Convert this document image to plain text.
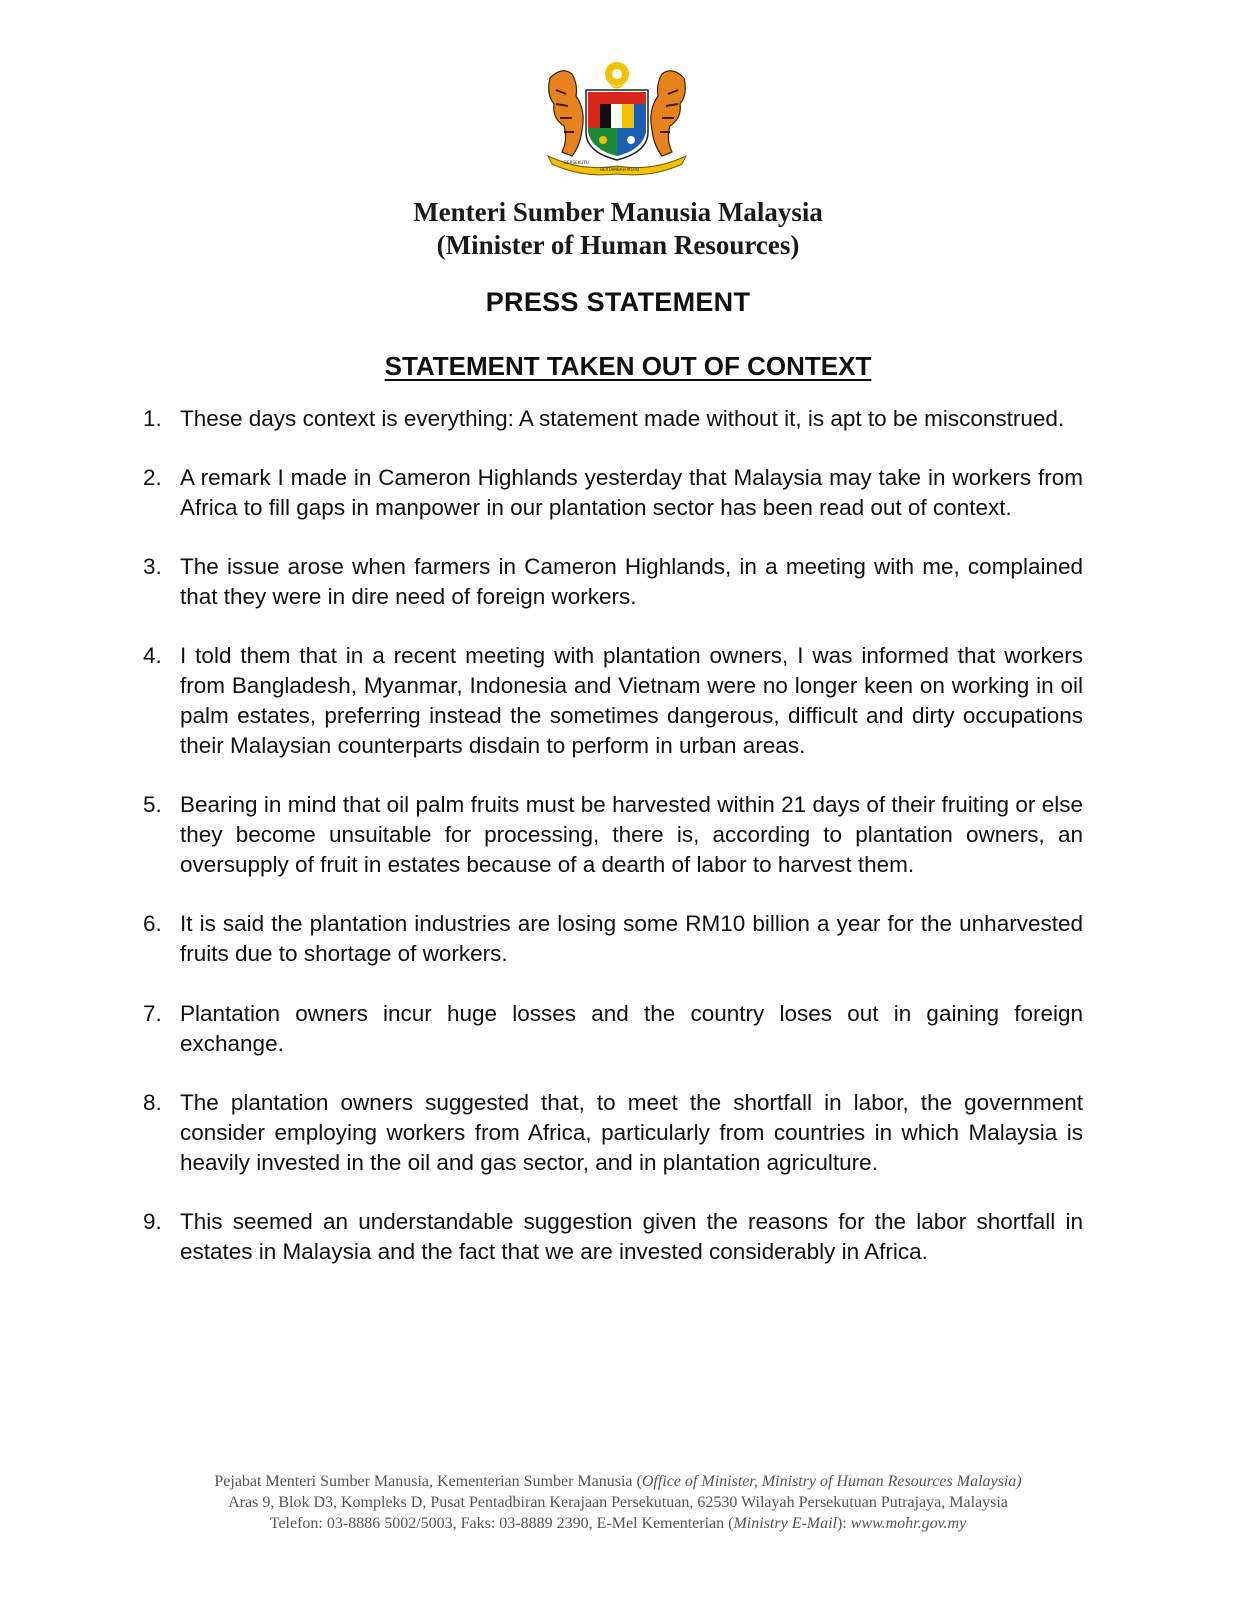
BERSEKUTU
BERTAMBAH MUTU
Menteri Sumber Manusia Malaysia
(Minister of Human Resources)
PRESS STATEMENT
STATEMENT TAKEN OUT OF CONTEXT
1. These days context is everything: A statement made without it, is apt to be misconstrued.
2. A remark I made in Cameron Highlands yesterday that Malaysia may take in workers from Africa to fill gaps in manpower in our plantation sector has been read out of context.
3. The issue arose when farmers in Cameron Highlands, in a meeting with me, complained that they were in dire need of foreign workers.
4. I told them that in a recent meeting with plantation owners, I was informed that workers from Bangladesh, Myanmar, Indonesia and Vietnam were no longer keen on working in oil palm estates, preferring instead the sometimes dangerous, difficult and dirty occupations their Malaysian counterparts disdain to perform in urban areas.
5. Bearing in mind that oil palm fruits must be harvested within 21 days of their fruiting or else they become unsuitable for processing, there is, according to plantation owners, an oversupply of fruit in estates because of a dearth of labor to harvest them.
6. It is said the plantation industries are losing some RM10 billion a year for the unharvested fruits due to shortage of workers.
7. Plantation owners incur huge losses and the country loses out in gaining foreign exchange.
8. The plantation owners suggested that, to meet the shortfall in labor, the government consider employing workers from Africa, particularly from countries in which Malaysia is heavily invested in the oil and gas sector, and in plantation agriculture.
9. This seemed an understandable suggestion given the reasons for the labor shortfall in estates in Malaysia and the fact that we are invested considerably in Africa.
Pejabat Menteri Sumber Manusia, Kementerian Sumber Manusia (Office of Minister, Ministry of Human Resources Malaysia)
Aras 9, Blok D3, Kompleks D, Pusat Pentadbiran Kerajaan Persekutuan, 62530 Wilayah Persekutuan Putrajaya, Malaysia
Telefon: 03-8886 5002/5003, Faks: 03-8889 2390, E-Mel Kementerian (Ministry E-Mail): www.mohr.gov.my
